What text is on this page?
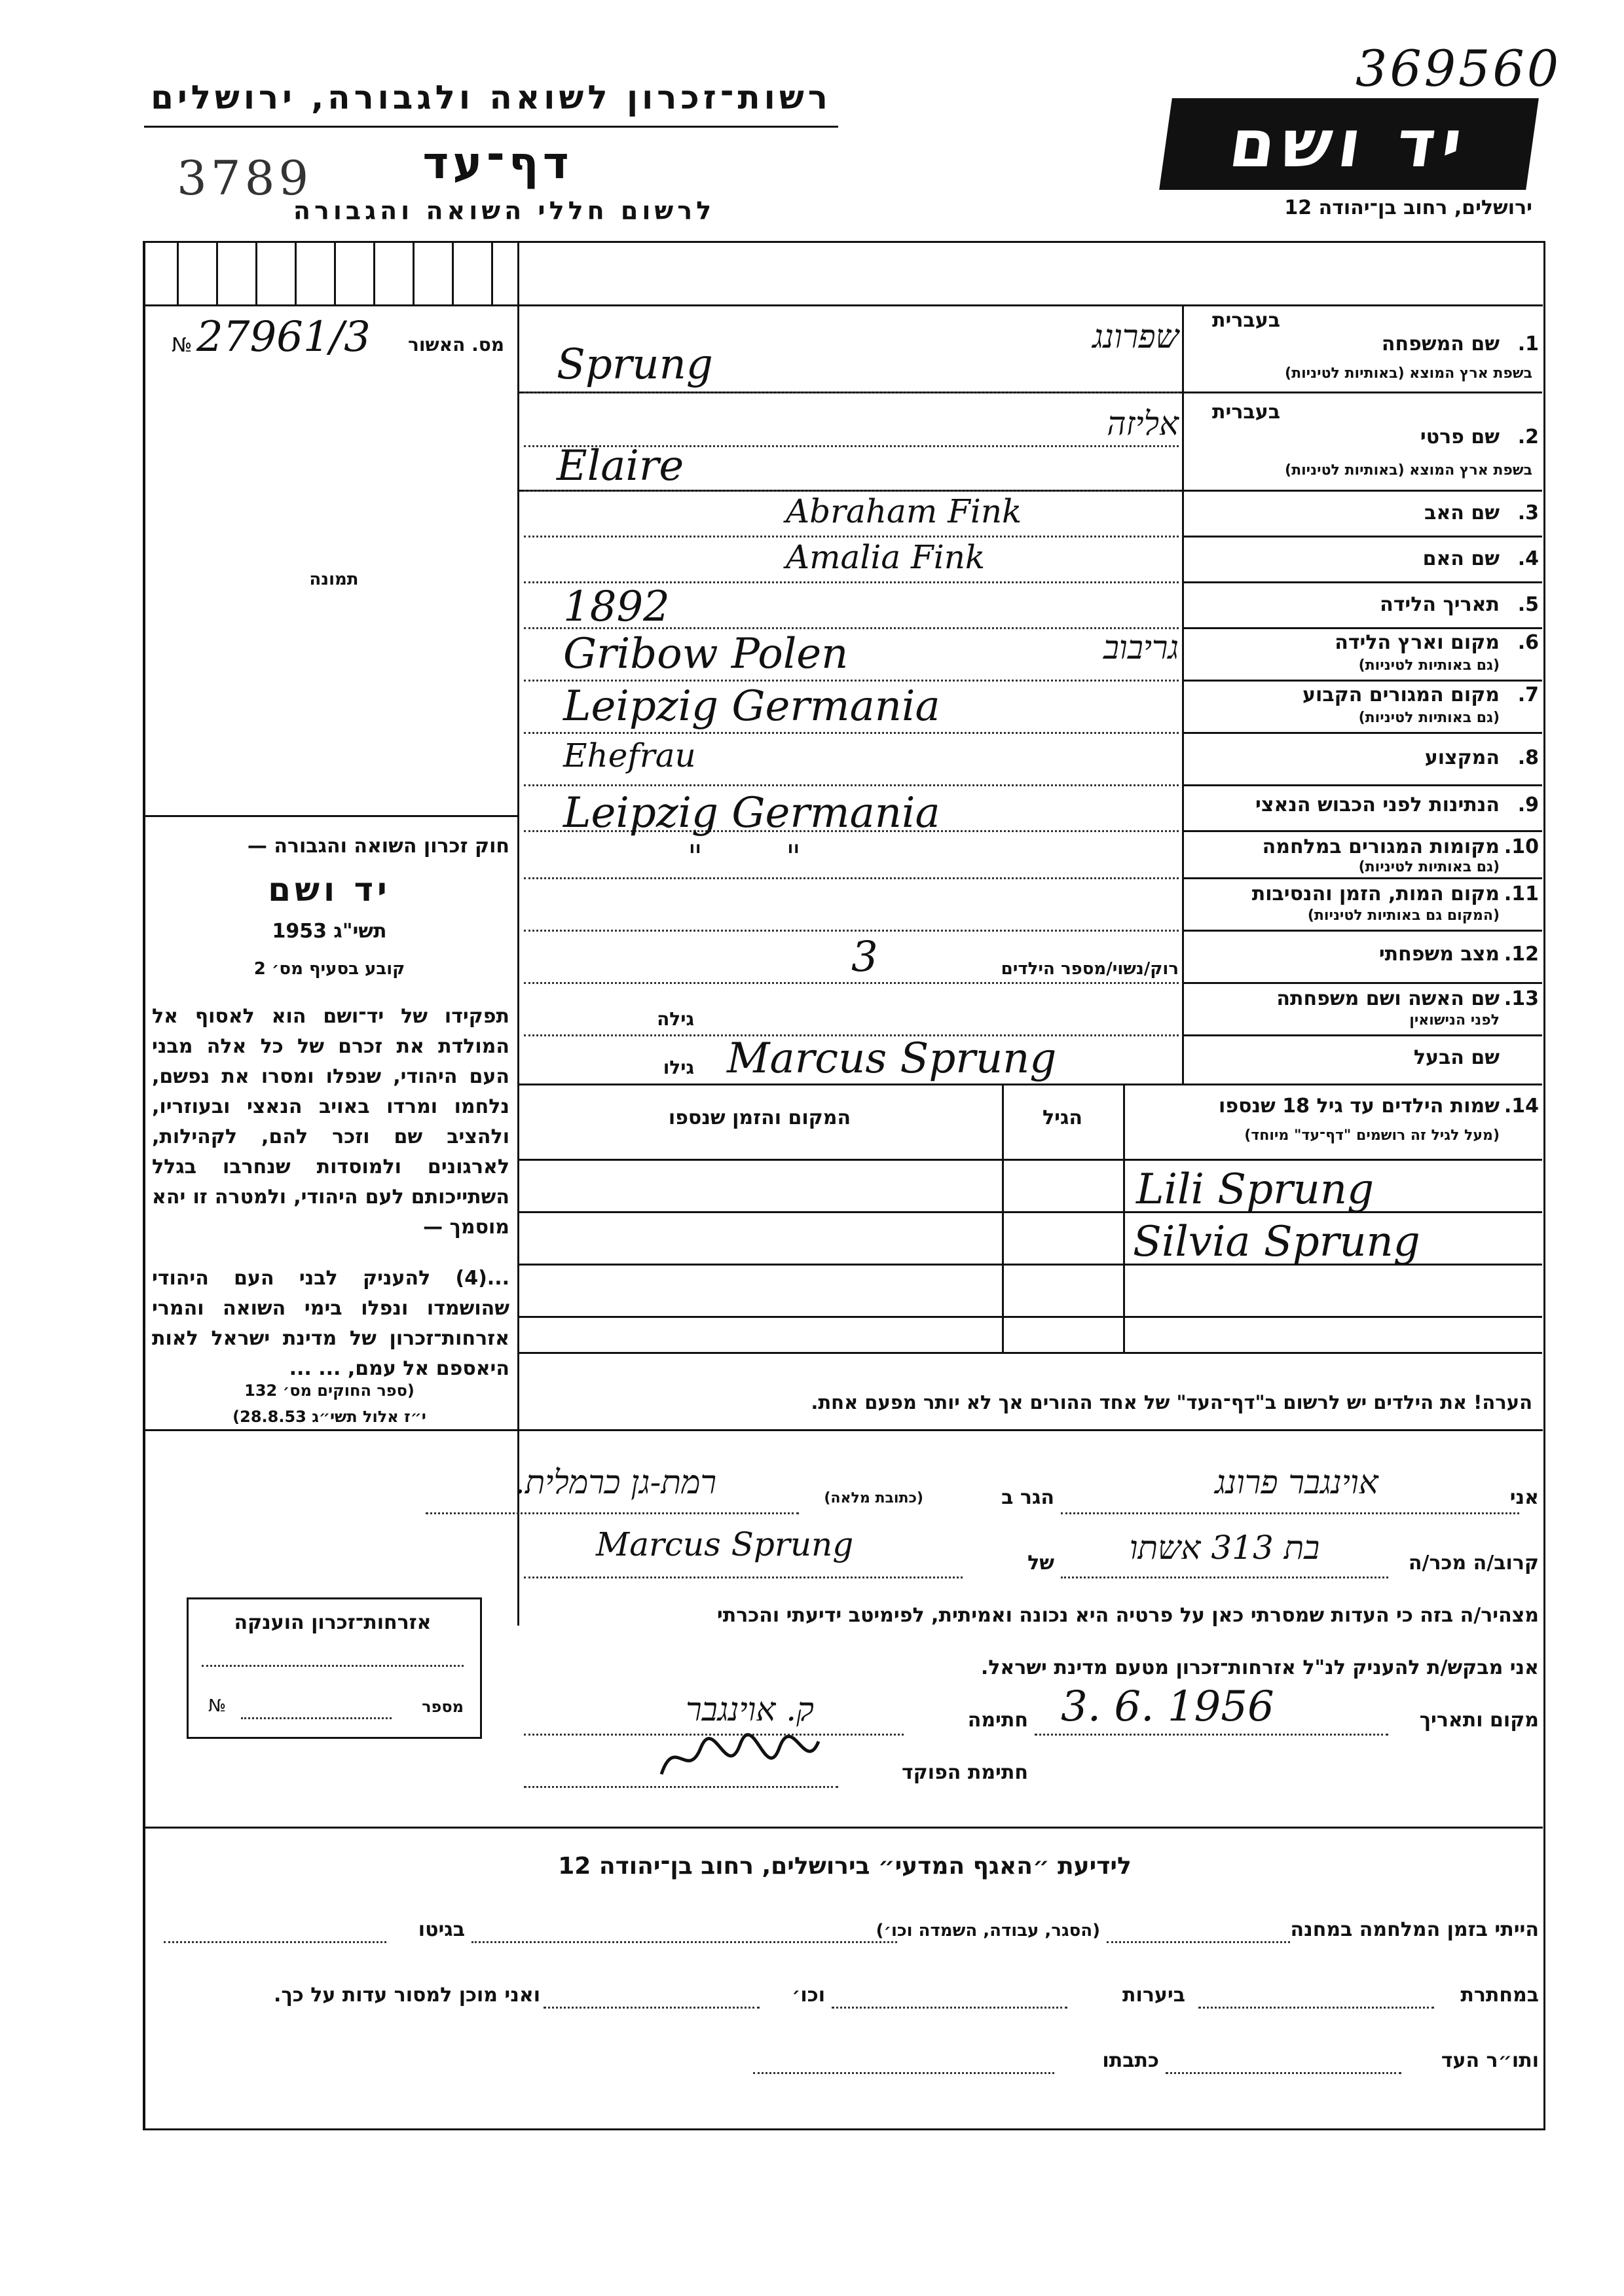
369560
רשות־זכרון לשואה ולגבורה, ירושלים
יד ושם
ירושלים, רחוב בן־יהודה 12
3789	דף־עד
לרשום חללי השואה והגבורה
№ 27961/3	מס. האשור
תמונה
חוק זכרון השואה והגבורה —
יד ושם
תשי"ג 1953
קובע בסעיף מס׳ 2
תפקידו של יד־ושם הוא לאסוף אל המולדת את זכרם של כל אלה מבני העם היהודי, שנפלו ומסרו את נפשם, נלחמו ומרדו באויב הנאצי ובעוזריו, ולהציב שם וזכר להם, לקהילות, לארגונים ולמוסדות שנחרבו בגלל השתייכותם לעם היהודי, ולמטרה זו יהא מוסמך —
...(4) להעניק לבני העם היהודי שהושמדו ונפלו בימי השואה והמרי אזרחות־זכרון של מדינת ישראל לאות היאספם אל עמם, ... ...
(ספר החוקים מס׳ 132
י״ז אלול תשי״ג 28.8.53)
בעברית
שם המשפחה 1.
בשפת ארץ המוצא (באותיות לטיניות)
שפרונג
Sprung
בעברית
שם פרטי 2.
בשפת ארץ המוצא (באותיות לטיניות)
אליזה
Elaire
שם האב 3.
Abraham Fink
שם האם 4.
Amalia Fink
תאריך הלידה 5.
1892
מקום וארץ הלידה 6.
(גם באותיות לטיניות)
גריבוב
Gribow Polen
מקום המגורים הקבוע 7.
(גם באותיות לטיניות)
Leipzig Germania
המקצוע 8.
Ehefrau
הנתינות לפני הכבוש הנאצי 9.
Leipzig Germania
מקומות המגורים במלחמה 10.
(גם באותיות לטיניות)
"        "
מקום המות, הזמן והנסיבות 11.
(המקום גם באותיות לטיניות)
מצב משפחתי 12.
רוק/נשוי/מספר הילדים
3
שם האשה ושם משפחתה 13.
לפני הנישואין
גילה
שם הבעל
גילו Marcus Sprung
שמות הילדים עד גיל 18 שנספו 14.
(מעל לגיל זה רושמים "דף־עד" מיוחד)
הגיל
המקום והזמן שנספו
Lili Sprung
Silvia Sprung
הערה! את הילדים יש לרשום ב"דף־העד" של אחד ההורים אך לא יותר מפעם אחת.
אני
אוינגבר פרונג
הגר ב
(כתובת מלאה)
רמת-גן כרמלית.
קרוב/ה מכר/ה
בת 313 אשתו
של
Marcus Sprung
מצהיר/ה בזה כי העדות שמסרתי כאן על פרטיה היא נכונה ואמיתית, לפימיטב ידיעתי והכרתי
אני מבקש/ת להעניק לנ"ל אזרחות־זכרון מטעם מדינת ישראל.
מקום ותאריך
3. 6. 1956
חתימה
ק. אוינגבר
חתימת הפוקד
אזרחות־זכרון הוענקה
מספר
№
לידיעת ״האגף המדעי״ בירושלים, רחוב בן־יהודה 12
הייתי בזמן המלחמה במחנה
(הסגר, עבודה, השמדה וכו׳)
בגיטו
במחתרת
ביערות
וכו׳
ואני מוכן למסור עדות על כך.
ותו״ר העד
כתבתו
